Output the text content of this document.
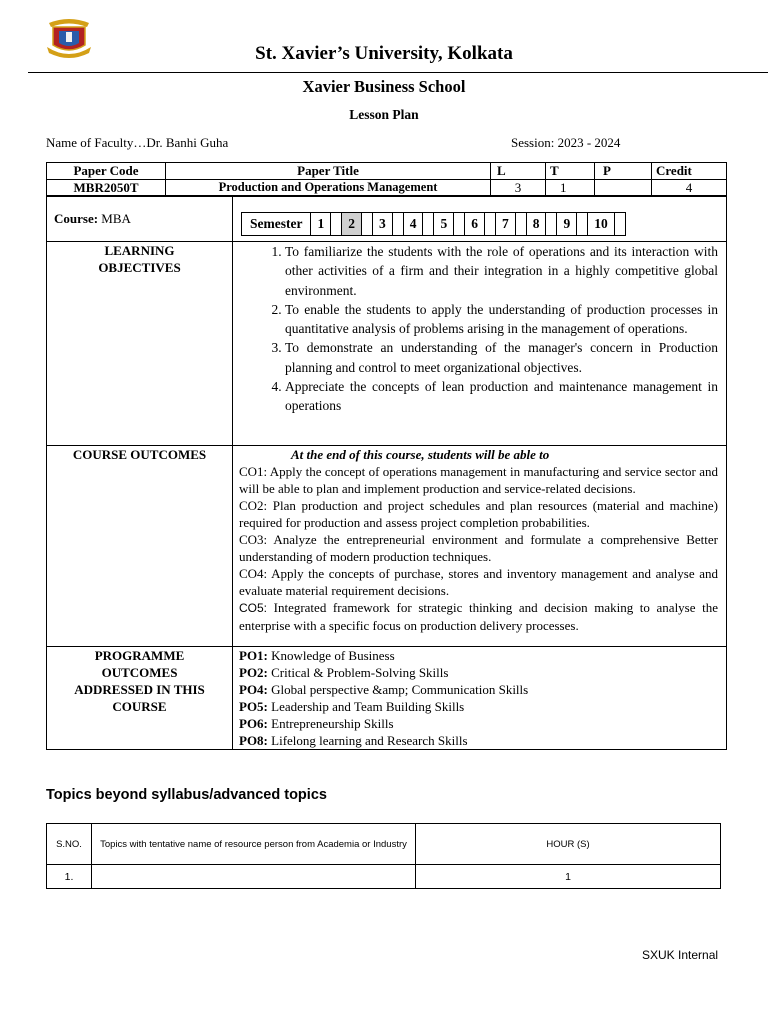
St. Xavier’s University, Kolkata
Xavier Business School
Lesson Plan
Name of Faculty…Dr. Banhi Guha	Session: 2023 - 2024
Paper Code	Paper Title	L	T	P	Credit
MBR2050T	Production and Operations Management	3	1		4
Course: MBA		Semester	1		2		3		4		5		6		7		8		9		10	

LEARNING
OBJECTIVES

1. To familiarize the students with the role of operations and its interaction with other activities of a firm and their integration in a highly competitive global environment.
2. To enable the students to apply the understanding of production processes in quantitative analysis of problems arising in the management of operations.
3. To demonstrate an understanding of the manager's concern in Production planning and control to meet organizational objectives.
4. Appreciate the concepts of lean production and maintenance management in operations

COURSE OUTCOMES	At the end of this course, students will be able to
CO1: Apply the concept of operations management in manufacturing and service sector and will be able to plan and implement production and service-related decisions.
CO2: Plan production and project schedules and plan resources (material and machine) required for production and assess project completion probabilities.
CO3: Analyze the entrepreneurial environment and formulate a comprehensive Better understanding of modern production techniques.
CO4: Apply the concepts of purchase, stores and inventory management and analyse and evaluate material requirement decisions.
CO5: Integrated framework for strategic thinking and decision making to analyse the enterprise with a specific focus on production delivery processes.

PROGRAMME
OUTCOMES
ADDRESSED IN THIS
COURSE

PO1: Knowledge of Business
PO2: Critical & Problem-Solving Skills
PO4: Global perspective &amp; Communication Skills
PO5: Leadership and Team Building Skills
PO6: Entrepreneurship Skills
PO8: Lifelong learning and Research Skills
Topics beyond syllabus/advanced topics
S.NO.	Topics with tentative name of resource person from Academia or Industry	HOUR (S)
1.		1
SXUK Internal
